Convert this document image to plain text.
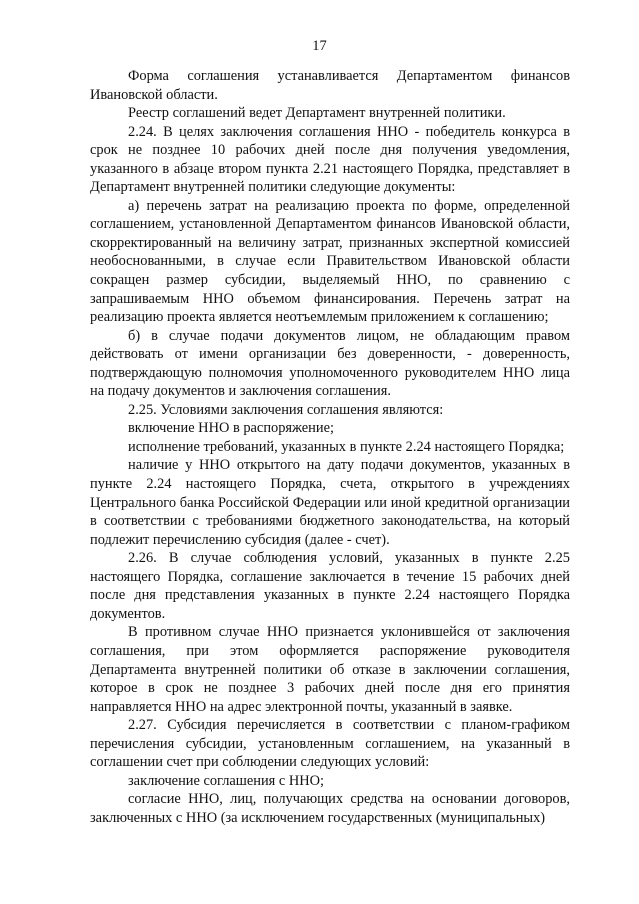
17

Форма соглашения устанавливается Департаментом финансов Ивановской области.

Реестр соглашений ведет Департамент внутренней политики.

2.24. В целях заключения соглашения ННО - победитель конкурса в срок не позднее 10 рабочих дней после дня получения уведомления, указанного в абзаце втором пункта 2.21 настоящего Порядка, представляет в Департамент внутренней политики следующие документы:

а) перечень затрат на реализацию проекта по форме, определенной соглашением, установленной Департаментом финансов Ивановской области, скорректированный на величину затрат, признанных экспертной комиссией необоснованными, в случае если Правительством Ивановской области сокращен размер субсидии, выделяемый ННО, по сравнению с запрашиваемым ННО объемом финансирования. Перечень затрат на реализацию проекта является неотъемлемым приложением к соглашению;

б) в случае подачи документов лицом, не обладающим правом действовать от имени организации без доверенности, - доверенность, подтверждающую полномочия уполномоченного руководителем ННО лица на подачу документов и заключения соглашения.

2.25. Условиями заключения соглашения являются:

включение ННО в распоряжение;

исполнение требований, указанных в пункте 2.24 настоящего Порядка;

наличие у ННО открытого на дату подачи документов, указанных в пункте 2.24 настоящего Порядка, счета, открытого в учреждениях Центрального банка Российской Федерации или иной кредитной организации в соответствии с требованиями бюджетного законодательства, на который подлежит перечислению субсидия (далее - счет).

2.26. В случае соблюдения условий, указанных в пункте 2.25 настоящего Порядка, соглашение заключается в течение 15 рабочих дней после дня представления указанных в пункте 2.24 настоящего Порядка документов.

В противном случае ННО признается уклонившейся от заключения соглашения, при этом оформляется распоряжение руководителя Департамента внутренней политики об отказе в заключении соглашения, которое в срок не позднее 3 рабочих дней после дня его принятия направляется ННО на адрес электронной почты, указанный в заявке.

2.27. Субсидия перечисляется в соответствии с планом-графиком перечисления субсидии, установленным соглашением, на указанный в соглашении счет при соблюдении следующих условий:

заключение соглашения с ННО;

согласие ННО, лиц, получающих средства на основании договоров, заключенных с ННО (за исключением государственных (муниципальных)
